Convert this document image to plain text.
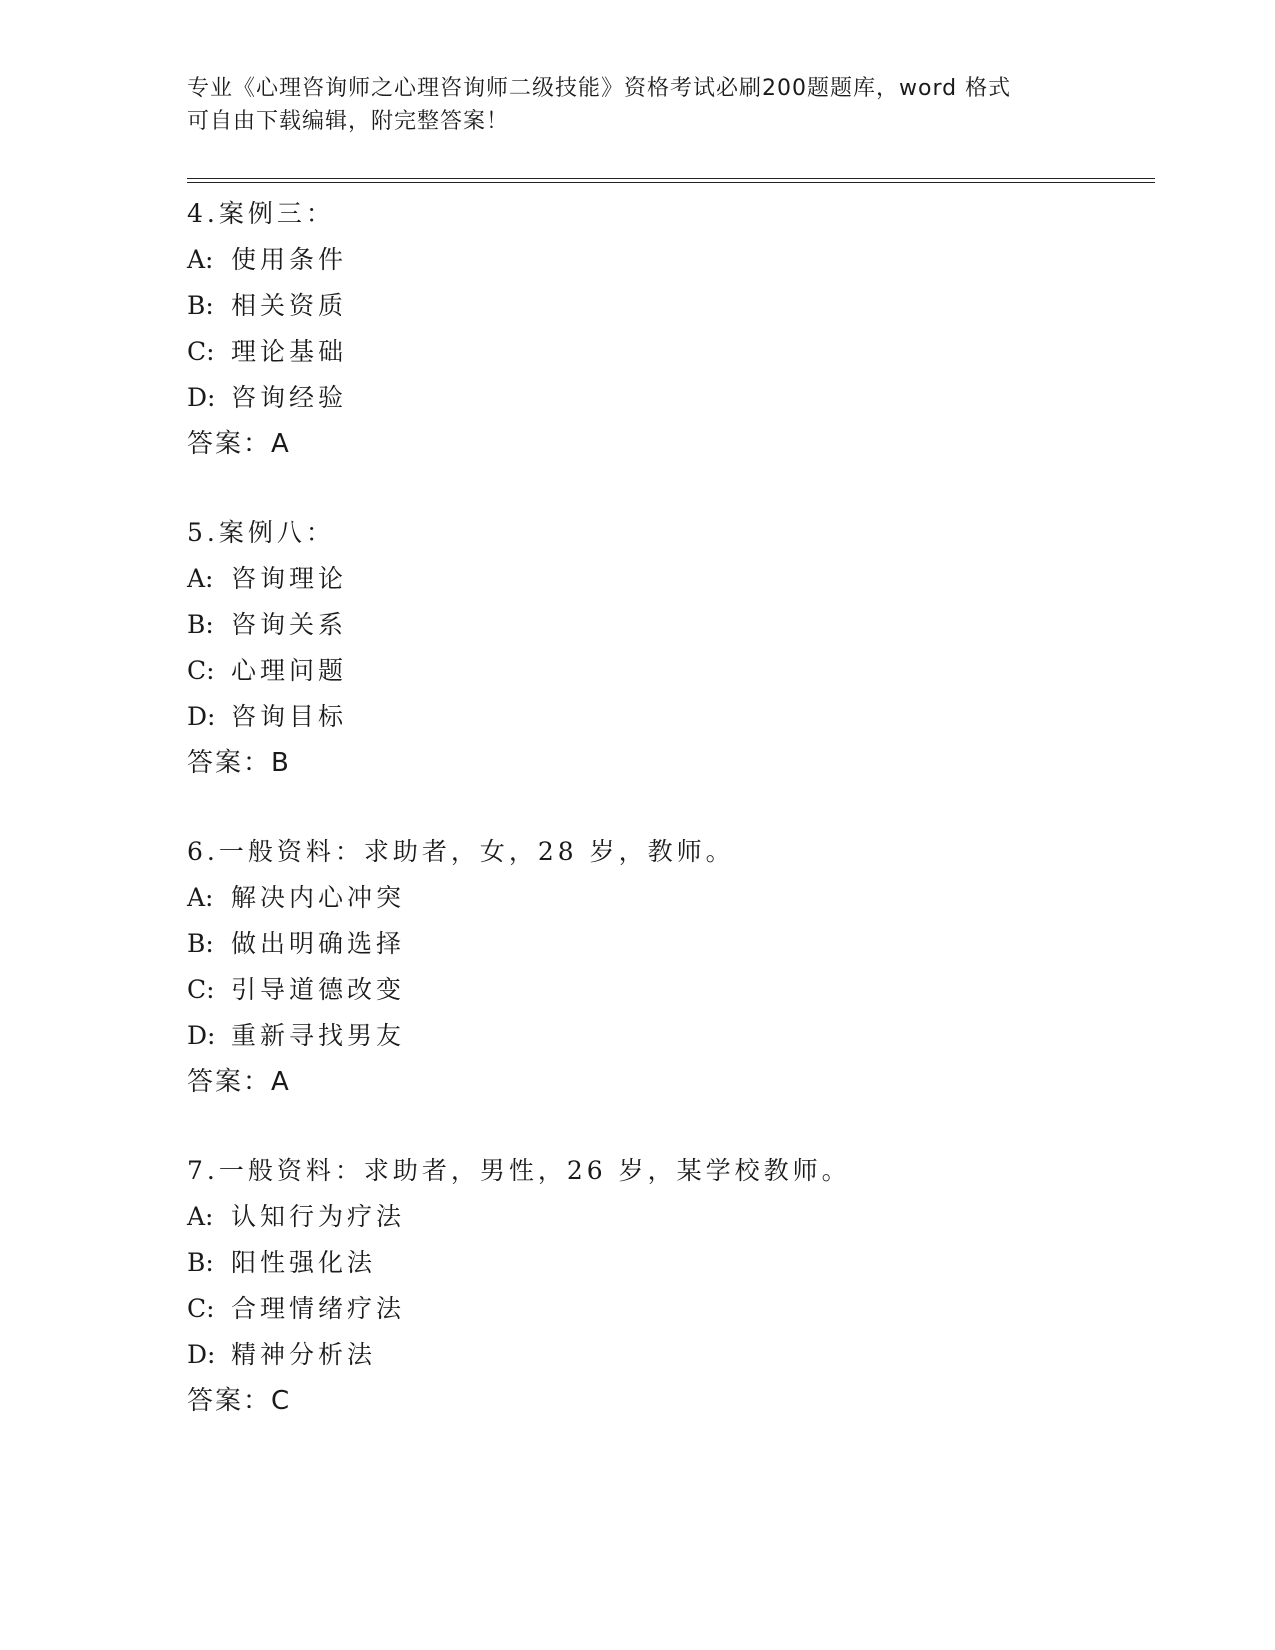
专业《心理咨询师之心理咨询师二级技能》资格考试必刷200题题库，word 格式
可自由下载编辑，附完整答案！
4.案例三：
A: 使用条件
B: 相关资质
C: 理论基础
D: 咨询经验
答案：A
5.案例八：
A: 咨询理论
B: 咨询关系
C: 心理问题
D: 咨询目标
答案：B
6.一般资料：求助者，女，28 岁，教师。
A: 解决内心冲突
B: 做出明确选择
C: 引导道德改变
D: 重新寻找男友
答案：A
7.一般资料：求助者，男性，26 岁，某学校教师。
A: 认知行为疗法
B: 阳性强化法
C: 合理情绪疗法
D: 精神分析法
答案：C
